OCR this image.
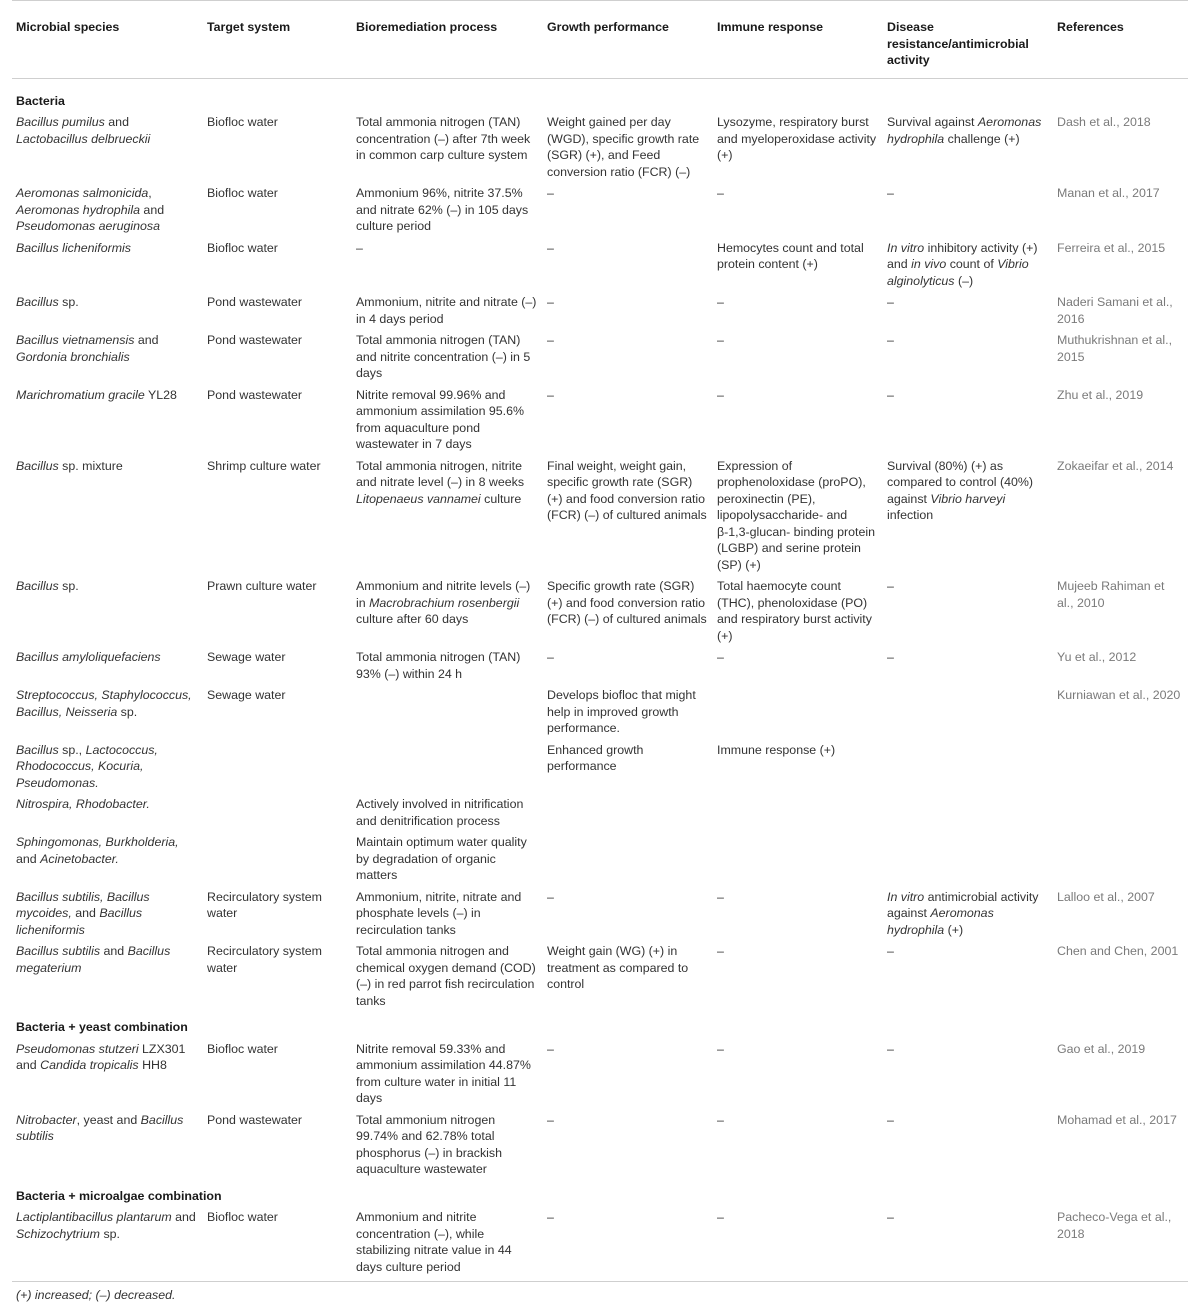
Microbial species	Target system	Bioremediation process	Growth performance	Immune response	Disease resistance/antimicrobial activity	References
Bacteria						
Bacillus pumilus and Lactobacillus delbrueckii	Biofloc water	Total ammonia nitrogen (TAN) concentration (–) after 7th week in common carp culture system	Weight gained per day (WGD), specific growth rate (SGR) (+), and Feed conversion ratio (FCR) (–)	Lysozyme, respiratory burst and myeloperoxidase activity (+)	Survival against Aeromonas hydrophila challenge (+)	Dash et al., 2018
Aeromonas salmonicida, Aeromonas hydrophila and Pseudomonas aeruginosa	Biofloc water	Ammonium 96%, nitrite 37.5% and nitrate 62% (–) in 105 days culture period	–	–	–	Manan et al., 2017
Bacillus licheniformis	Biofloc water	–	–	Hemocytes count and total protein content (+)	In vitro inhibitory activity (+) and in vivo count of Vibrio alginolyticus (–)	Ferreira et al., 2015
Bacillus sp.	Pond wastewater	Ammonium, nitrite and nitrate (–) in 4 days period	–	–	–	Naderi Samani et al., 2016
Bacillus vietnamensis and Gordonia bronchialis	Pond wastewater	Total ammonia nitrogen (TAN) and nitrite concentration (–) in 5 days	–	–	–	Muthukrishnan et al., 2015
Marichromatium gracile YL28	Pond wastewater	Nitrite removal 99.96% and ammonium assimilation 95.6% from aquaculture pond wastewater in 7 days	–	–	–	Zhu et al., 2019
Bacillus sp. mixture	Shrimp culture water	Total ammonia nitrogen, nitrite and nitrate level (–) in 8 weeks Litopenaeus vannamei culture	Final weight, weight gain, specific growth rate (SGR) (+) and food conversion ratio (FCR) (–) of cultured animals	Expression of prophenoloxidase (proPO), peroxinectin (PE), lipopolysaccharide- and β-1,3-glucan- binding protein (LGBP) and serine protein (SP) (+)	Survival (80%) (+) as compared to control (40%) against Vibrio harveyi infection	Zokaeifar et al., 2014
Bacillus sp.	Prawn culture water	Ammonium and nitrite levels (–) in Macrobrachium rosenbergii culture after 60 days	Specific growth rate (SGR) (+) and food conversion ratio (FCR) (–) of cultured animals	Total haemocyte count (THC), phenoloxidase (PO) and respiratory burst activity (+)	–	Mujeeb Rahiman et al., 2010
Bacillus amyloliquefaciens	Sewage water	Total ammonia nitrogen (TAN) 93% (–) within 24 h	–	–	–	Yu et al., 2012
Streptococcus, Staphylococcus, Bacillus, Neisseria sp.	Sewage water		Develops biofloc that might help in improved growth performance.			Kurniawan et al., 2020
Bacillus sp., Lactococcus, Rhodococcus, Kocuria, Pseudomonas.			Enhanced growth performance	Immune response (+)		
Nitrospira, Rhodobacter.		Actively involved in nitrification and denitrification process				
Sphingomonas, Burkholderia, and Acinetobacter.		Maintain optimum water quality by degradation of organic matters				
Bacillus subtilis, Bacillus mycoides, and Bacillus licheniformis	Recirculatory system water	Ammonium, nitrite, nitrate and phosphate levels (–) in recirculation tanks	–	–	In vitro antimicrobial activity against Aeromonas hydrophila (+)	Lalloo et al., 2007
Bacillus subtilis and Bacillus megaterium	Recirculatory system water	Total ammonia nitrogen and chemical oxygen demand (COD) (–) in red parrot fish recirculation tanks	Weight gain (WG) (+) in treatment as compared to control	–	–	Chen and Chen, 2001
Bacteria + yeast combination						
Pseudomonas stutzeri LZX301 and Candida tropicalis HH8	Biofloc water	Nitrite removal 59.33% and ammonium assimilation 44.87% from culture water in initial 11 days	–	–	–	Gao et al., 2019
Nitrobacter, yeast and Bacillus subtilis	Pond wastewater	Total ammonium nitrogen 99.74% and 62.78% total phosphorus (–) in brackish aquaculture wastewater	–	–	–	Mohamad et al., 2017
Bacteria + microalgae combination						
Lactiplantibacillus plantarum and Schizochytrium sp.	Biofloc water	Ammonium and nitrite concentration (–), while stabilizing nitrate value in 44 days culture period	–	–	–	Pacheco-Vega et al., 2018
(+) increased; (–) decreased.
